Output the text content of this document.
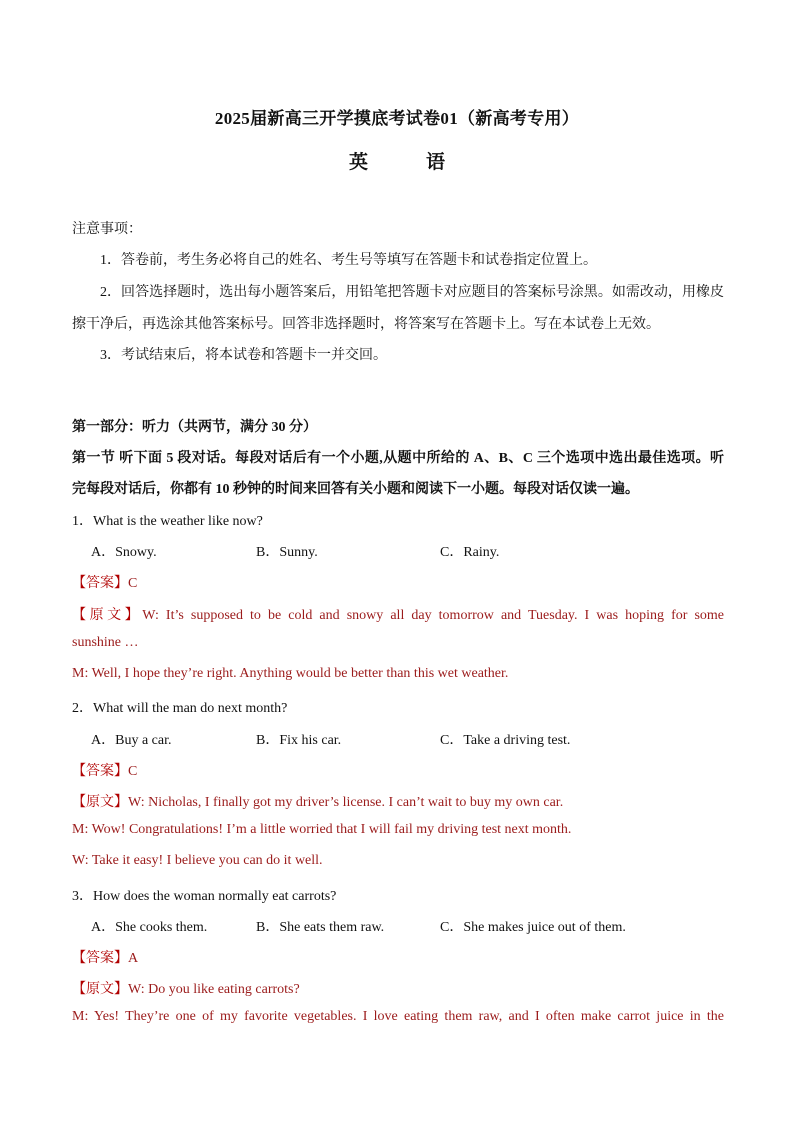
2025届新高三开学摸底考试卷01（新高考专用）
英	语
注意事项：
1．答卷前，考生务必将自己的姓名、考生号等填写在答题卡和试卷指定位置上。
2．回答选择题时，选出每小题答案后，用铅笔把答题卡对应题目的答案标号涂黑。如需改动，用橡皮
擦干净后，再选涂其他答案标号。回答非选择题时，将答案写在答题卡上。写在本试卷上无效。
3．考试结束后，将本试卷和答题卡一并交回。
第一部分：听力（共两节，满分 30 分）
第一节 听下面 5 段对话。每段对话后有一个小题,从题中所给的 A、B、C 三个选项中选出最佳选项。听
完每段对话后，你都有 10 秒钟的时间来回答有关小题和阅读下一小题。每段对话仅读一遍。
1．What is the weather like now?
A．Snowy.	B．Sunny.	C．Rainy.
【答案】C
【原文】W: It’s supposed to be cold and snowy all day tomorrow and Tuesday. I was hoping for some
sunshine …
M: Well, I hope they’re right. Anything would be better than this wet weather.
2．What will the man do next month?
A．Buy a car.	B．Fix his car.	C．Take a driving test.
【答案】C
【原文】W: Nicholas, I finally got my driver’s license. I can’t wait to buy my own car.
M: Wow! Congratulations! I’m a little worried that I will fail my driving test next month.
W: Take it easy! I believe you can do it well.
3．How does the woman normally eat carrots?
A．She cooks them.	B．She eats them raw.	C．She makes juice out of them.
【答案】A
【原文】W: Do you like eating carrots?
M: Yes! They’re one of my favorite vegetables. I love eating them raw, and I often make carrot juice in the
